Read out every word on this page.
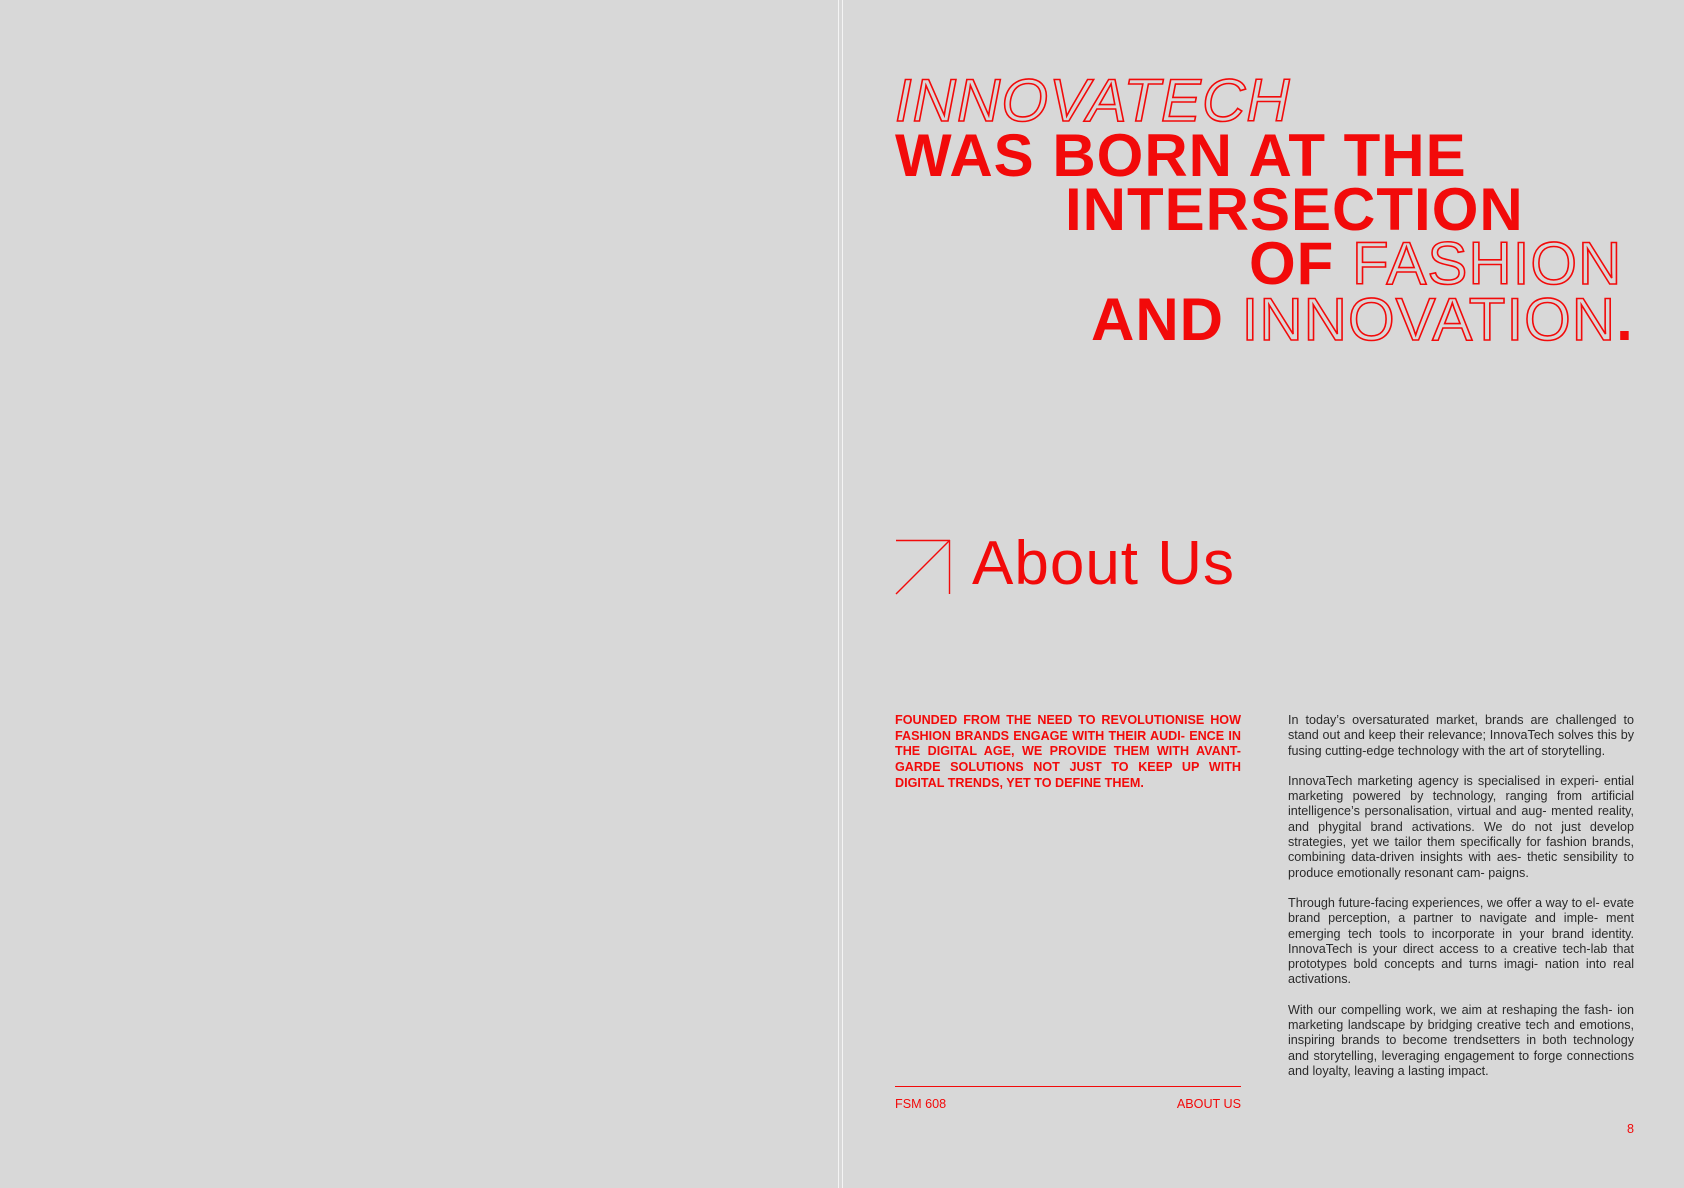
INNOVATECH
WAS BORN AT THE
INTERSECTION
OF FASHION
AND INNOVATION.
About Us
FOUNDED FROM THE NEED TO REVOLUTIONISE HOW FASHION BRANDS ENGAGE WITH THEIR AUDI- ENCE IN THE DIGITAL AGE, WE PROVIDE THEM WITH AVANT-GARDE SOLUTIONS NOT JUST TO KEEP UP WITH DIGITAL TRENDS, YET TO DEFINE THEM.

In today’s oversaturated market, brands are challenged to stand out and keep their relevance; InnovaTech solves this by fusing cutting-edge technology with the art of storytelling.

InnovaTech marketing agency is specialised in experi- ential marketing powered by technology, ranging from artificial intelligence’s personalisation, virtual and aug- mented reality, and phygital brand activations. We do not just develop strategies, yet we tailor them specifically for fashion brands, combining data-driven insights with aes- thetic sensibility to produce emotionally resonant cam- paigns.

Through future-facing experiences, we offer a way to el- evate brand perception, a partner to navigate and imple- ment emerging tech tools to incorporate in your brand identity. InnovaTech is your direct access to a creative tech-lab that prototypes bold concepts and turns imagi- nation into real activations.

With our compelling work, we aim at reshaping the fash- ion marketing landscape by bridging creative tech and emotions, inspiring brands to become trendsetters in both technology and storytelling, leveraging engagement to forge connections and loyalty, leaving a lasting impact.

FSM 608	ABOUT US
8
